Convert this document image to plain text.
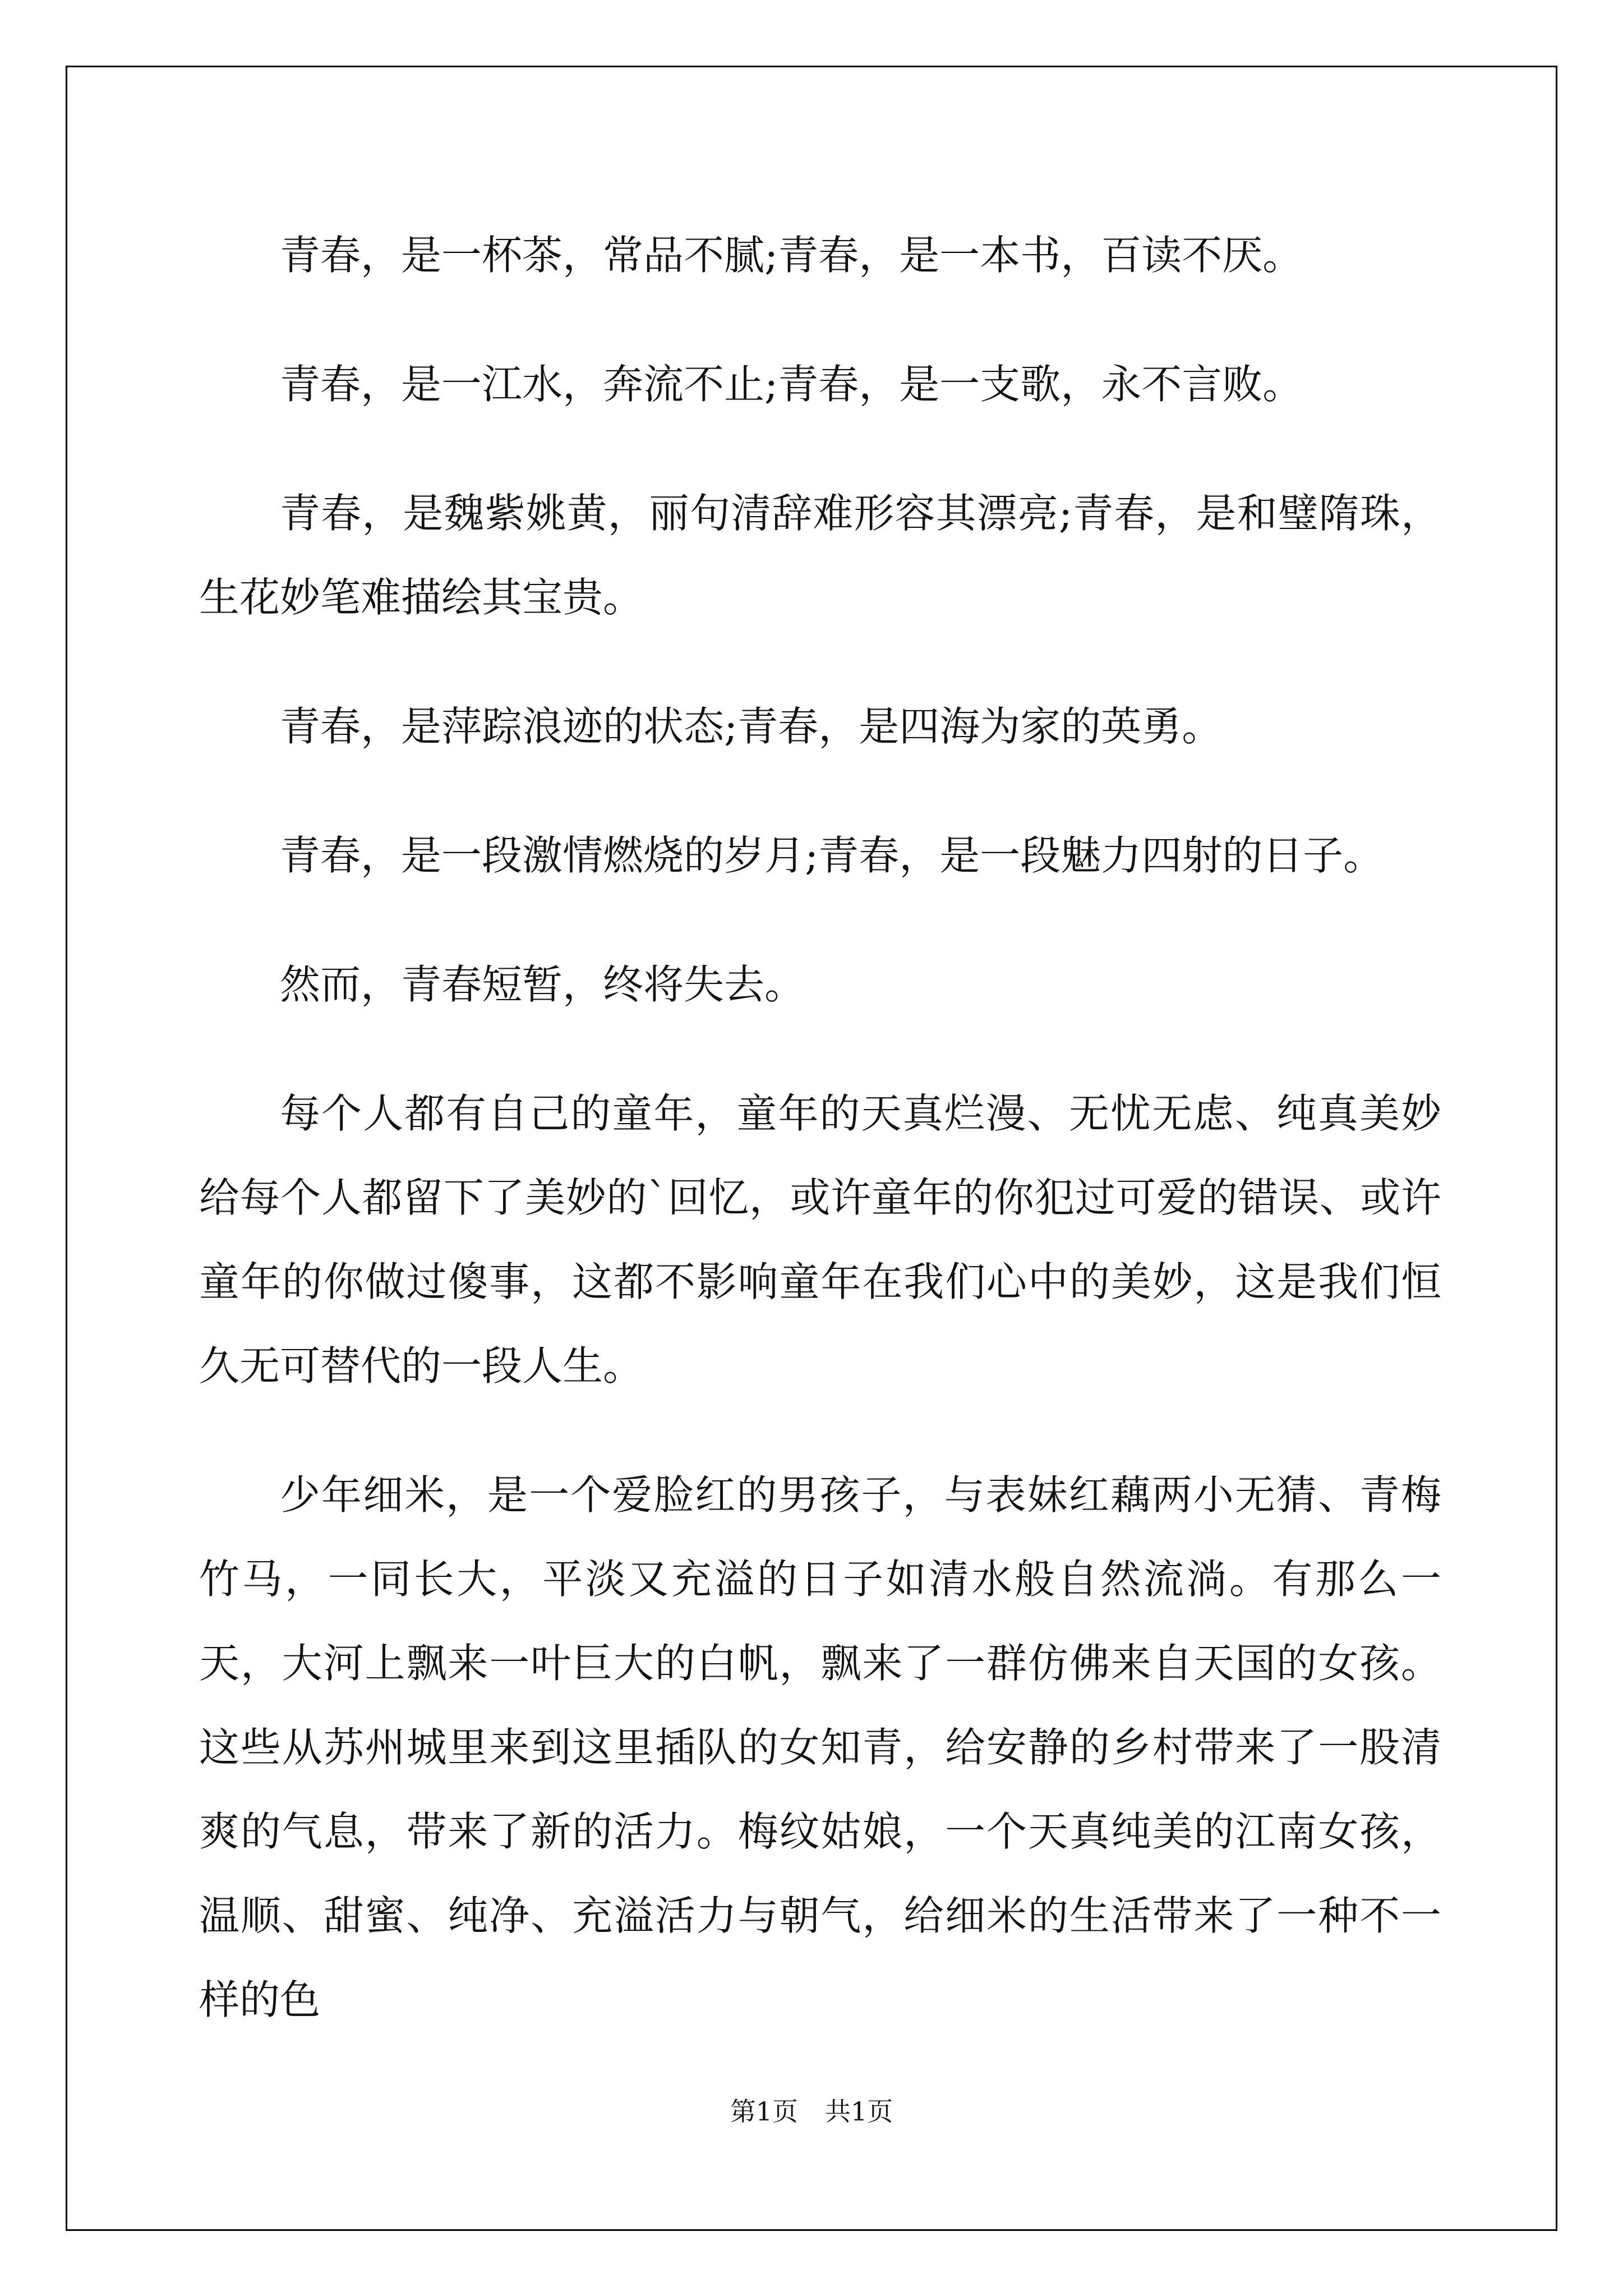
青春，是一杯茶，常品不腻;青春，是一本书，百读不厌。

青春，是一江水，奔流不止;青春，是一支歌，永不言败。

青春，是魏紫姚黄，丽句清辞难形容其漂亮;青春，是和璧隋珠，生花妙笔难描绘其宝贵。

青春，是萍踪浪迹的状态;青春，是四海为家的英勇。

青春，是一段激情燃烧的岁月;青春，是一段魅力四射的日子。

然而，青春短暂，终将失去。

每个人都有自己的童年，童年的天真烂漫、无忧无虑、纯真美妙给每个人都留下了美妙的`回忆，或许童年的你犯过可爱的错误、或许童年的你做过傻事，这都不影响童年在我们心中的美妙，这是我们恒久无可替代的一段人生。

少年细米，是一个爱脸红的男孩子，与表妹红藕两小无猜、青梅竹马，一同长大，平淡又充溢的日子如清水般自然流淌。有那么一天，大河上飘来一叶巨大的白帆，飘来了一群仿佛来自天国的女孩。这些从苏州城里来到这里插队的女知青，给安静的乡村带来了一股清爽的气息，带来了新的活力。梅纹姑娘，一个天真纯美的江南女孩，温顺、甜蜜、纯净、充溢活力与朝气，给细米的生活带来了一种不一样的色

第1页 共1页
